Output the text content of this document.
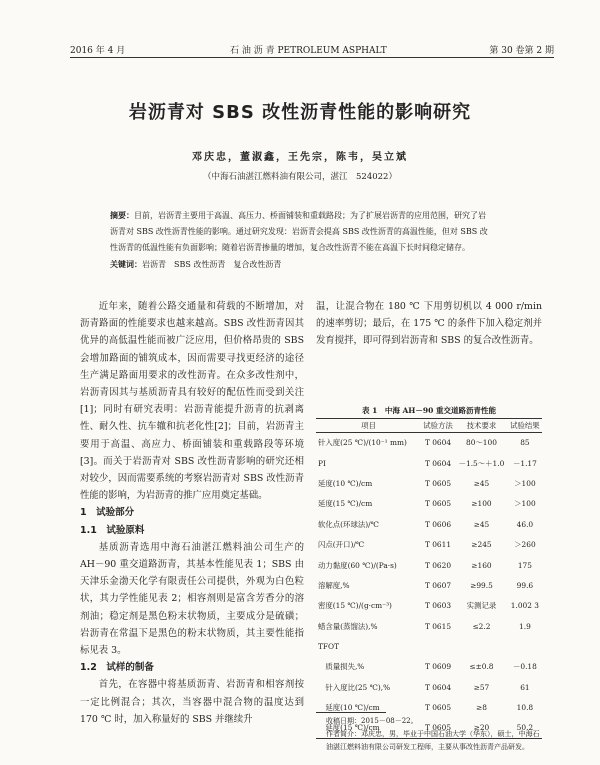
2016 年 4 月	石 油 沥 青 PETROLEUM ASPHALT	第 30 卷第 2 期
岩沥青对 SBS 改性沥青性能的影响研究
邓庆忠，董淑鑫，王先宗，陈韦，吴立斌
（中海石油湛江燃料油有限公司，湛江　524022）
摘要：目前，岩沥青主要用于高温、高压力、桥面铺装和重载路段；为了扩展岩沥青的应用范围，研究了岩沥青对 SBS 改性沥青性能的影响。通过研究发现：岩沥青会提高 SBS 改性沥青的高温性能，但对 SBS 改性沥青的低温性能有负面影响；随着岩沥青掺量的增加，复合改性沥青不能在高温下长时间稳定储存。
关键词：岩沥青　SBS 改性沥青　复合改性沥青

近年来，随着公路交通量和荷载的不断增加，对沥青路面的性能要求也越来越高。SBS 改性沥青因其优异的高低温性能而被广泛应用，但价格昂贵的 SBS 会增加路面的铺筑成本，因而需要寻找更经济的途径生产满足路面用要求的改性沥青。在众多改性剂中，岩沥青因其与基质沥青具有较好的配伍性而受到关注[1]；同时有研究表明：岩沥青能提升沥青的抗剥离性、耐久性、抗车辙和抗老化性[2]；目前，岩沥青主要用于高温、高应力、桥面铺装和重载路段等环境[3]。而关于岩沥青对 SBS 改性沥青影响的研究还相对较少，因而需要系统的考察岩沥青对 SBS 改性沥青性能的影响，为岩沥青的推广应用奠定基础。

1　试验部分
1.1　试验原料

基质沥青选用中海石油湛江燃料油公司生产的 AH－90 重交道路沥青，其基本性能见表 1；SBS 由天津乐金渤天化学有限责任公司提供，外观为白色粒状，其力学性能见表 2；相容剂则是富含芳香分的溶剂油；稳定剂是黑色粉末状物质，主要成分是硫磺；岩沥青在常温下是黑色的粉末状物质，其主要性能指标见表 3。

1.2　试样的制备

首先，在容器中将基质沥青、岩沥青和相容剂按一定比例混合；其次，当容器中混合物的温度达到 170 ℃ 时，加入称量好的 SBS 并继续升

温，让混合物在 180 ℃ 下用剪切机以 4 000 r/min 的速率剪切；最后，在 175 ℃ 的条件下加入稳定剂并发育搅拌，即可得到岩沥青和 SBS 的复合改性沥青。
表 1　中海 AH－90 重交道路沥青性能
项目	试验方法	技术要求	试验结果
针入度(25 ℃)/(10⁻¹ mm)	T 0604	80～100	85
PI	T 0604	－1.5～＋1.0	－1.17
延度(10 ℃)/cm	T 0605	≥45	＞100
延度(15 ℃)/cm	T 0605	≥100	＞100
软化点(环球法)/℃	T 0606	≥45	46.0
闪点(开口)/℃	T 0611	≥245	＞260
动力黏度(60 ℃)/(Pa·s)	T 0620	≥160	175
溶解度,%	T 0607	≥99.5	99.6
密度(15 ℃)/(g·cm⁻³)	T 0603	实测记录	1.002 3
蜡含量(蒸馏法),%	T 0615	≤2.2	1.9
TFOT			
　质量损失,%	T 0609	≤±0.8	－0.18
　针入度比(25 ℃),%	T 0604	≥57	61
　延度(10 ℃)/cm	T 0605	≥8	10.8
　延度(15 ℃)/cm	T 0605	≥20	50.2
收稿日期：2015－08－22。
作者简介：邓庆忠，男，毕业于中国石油大学（华东），硕士，中海石油湛江燃料油有限公司研发工程师，主要从事改性沥青产品研发。
